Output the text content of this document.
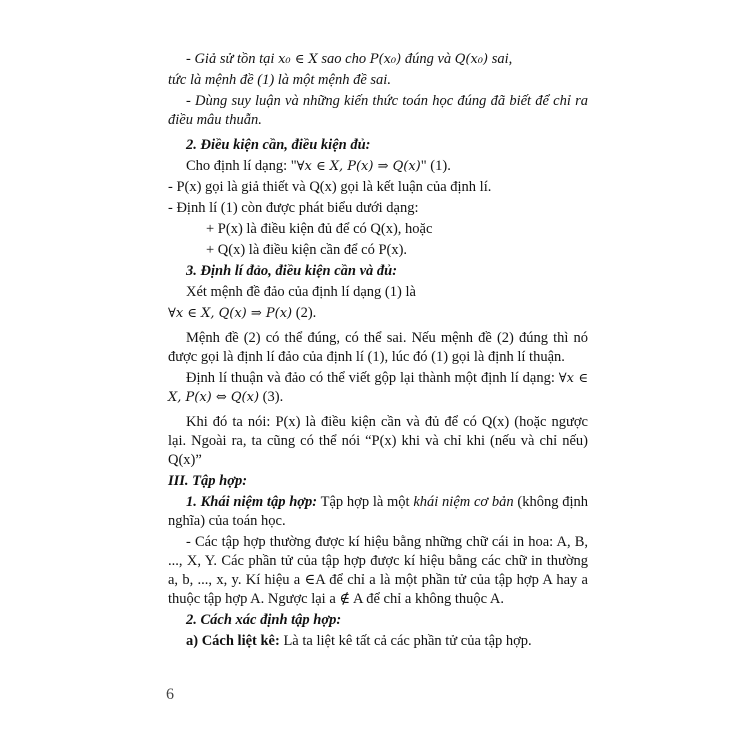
- Giả sử tồn tại x₀ ∈ X sao cho P(x₀) đúng và Q(x₀) sai,

tức là mệnh đề (1) là một mệnh đề sai.

- Dùng suy luận và những kiến thức toán học đúng đã biết để chỉ ra điều mâu thuẫn.

2. Điều kiện cần, điều kiện đủ:

Cho định lí dạng: "∀x ∈ X, P(x) ⇒ Q(x)" (1).

- P(x) gọi là giả thiết và Q(x) gọi là kết luận của định lí.

- Định lí (1) còn được phát biểu dưới dạng:

+ P(x) là điều kiện đủ để có Q(x), hoặc

+ Q(x) là điều kiện cần để có P(x).

3. Định lí đảo, điều kiện cần và đủ:

Xét mệnh đề đảo của định lí dạng (1) là

∀x ∈ X, Q(x) ⇒ P(x) (2).

Mệnh đề (2) có thể đúng, có thể sai. Nếu mệnh đề (2) đúng thì nó được gọi là định lí đảo của định lí (1), lúc đó (1) gọi là định lí thuận.

Định lí thuận và đảo có thể viết gộp lại thành một định lí dạng: ∀x ∈ X, P(x) ⇔ Q(x) (3).

Khi đó ta nói: P(x) là điều kiện cần và đủ để có Q(x) (hoặc ngược lại. Ngoài ra, ta cũng có thể nói “P(x) khi và chỉ khi (nếu và chỉ nếu) Q(x)”

III. Tập hợp:

1. Khái niệm tập hợp: Tập hợp là một khái niệm cơ bản (không định nghĩa) của toán học.

- Các tập hợp thường được kí hiệu bằng những chữ cái in hoa: A, B, ..., X, Y. Các phần tử của tập hợp được kí hiệu bằng các chữ in thường a, b, ..., x, y. Kí hiệu a ∈A để chỉ a là một phần tử của tập hợp A hay a thuộc tập hợp A. Ngược lại a ∉ A để chỉ a không thuộc A.

2. Cách xác định tập hợp:

a) Cách liệt kê: Là ta liệt kê tất cả các phần tử của tập hợp.

6
